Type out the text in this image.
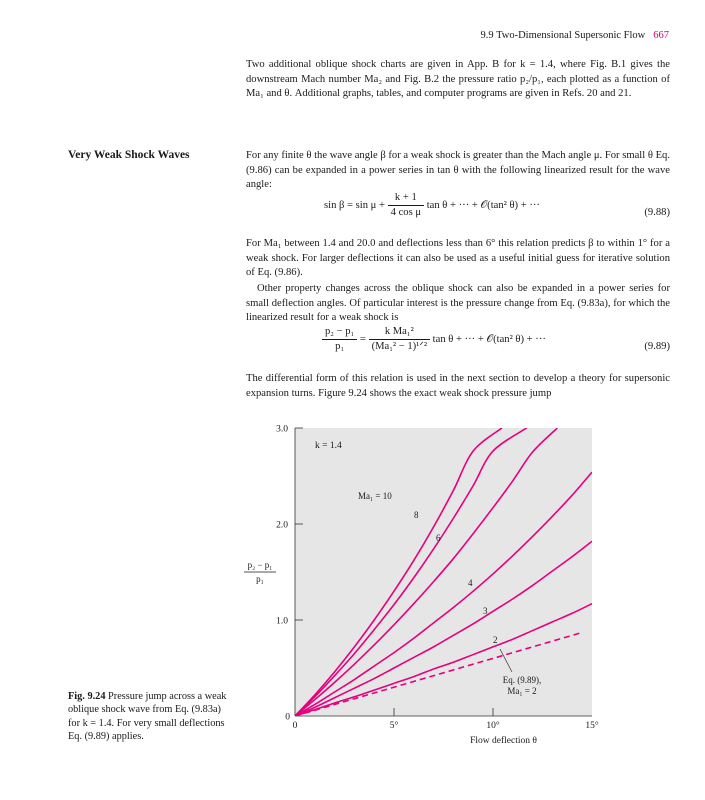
9.9 Two-Dimensional Supersonic Flow 667
Two additional oblique shock charts are given in App. B for k = 1.4, where Fig. B.1 gives the downstream Mach number Ma₂ and Fig. B.2 the pressure ratio p₂/p₁, each plotted as a function of Ma₁ and θ. Additional graphs, tables, and computer programs are given in Refs. 20 and 21.
Very Weak Shock Waves	For any finite θ the wave angle β for a weak shock is greater than the Mach angle μ. For small θ Eq. (9.86) can be expanded in a power series in tan θ with the following linearized result for the wave angle:
$\sin \beta = \sin \mu + \frac{k + 1}{\text{4 cos μ}}$ tan θ + ··· + 𝒪(tan² θ) + ···
(9.88)
For Ma₁ between 1.4 and 20.0 and deflections less than 6° this relation predicts β to within 1° for a weak shock. For larger deflections it can also be used as a useful initial guess for iterative solution of Eq. (9.86).
Other property changes across the oblique shock can also be expanded in a power series for small deflection angles. Of particular interest is the pressure change from Eq. (9.83a), for which the linearized result for a weak shock is
$\frac{\text{p₂ − p₁}}{\text{p₁}} = \frac{\text{k Ma₁²}}{\text{(Ma₁² − 1)¹ᐟ²}}$ tan θ + ··· + 𝒪(tan² θ) + ···
(9.89)
The differential form of this relation is used in the next section to develop a theory for supersonic expansion turns. Figure 9.24 shows the exact weak shock pressure jump
0
1.0
2.0
3.0
0	5°	10°	15°
Flow deflection θ
p₂ − p₁
p₁
k = 1.4
Ma₁ = 10
8
6
4
3
2
Eq. (9.89),
Ma₁ = 2
Fig. 9.24 Pressure jump across a weak oblique shock wave from Eq. (9.83a) for k = 1.4. For very small deflections Eq. (9.89) applies.
